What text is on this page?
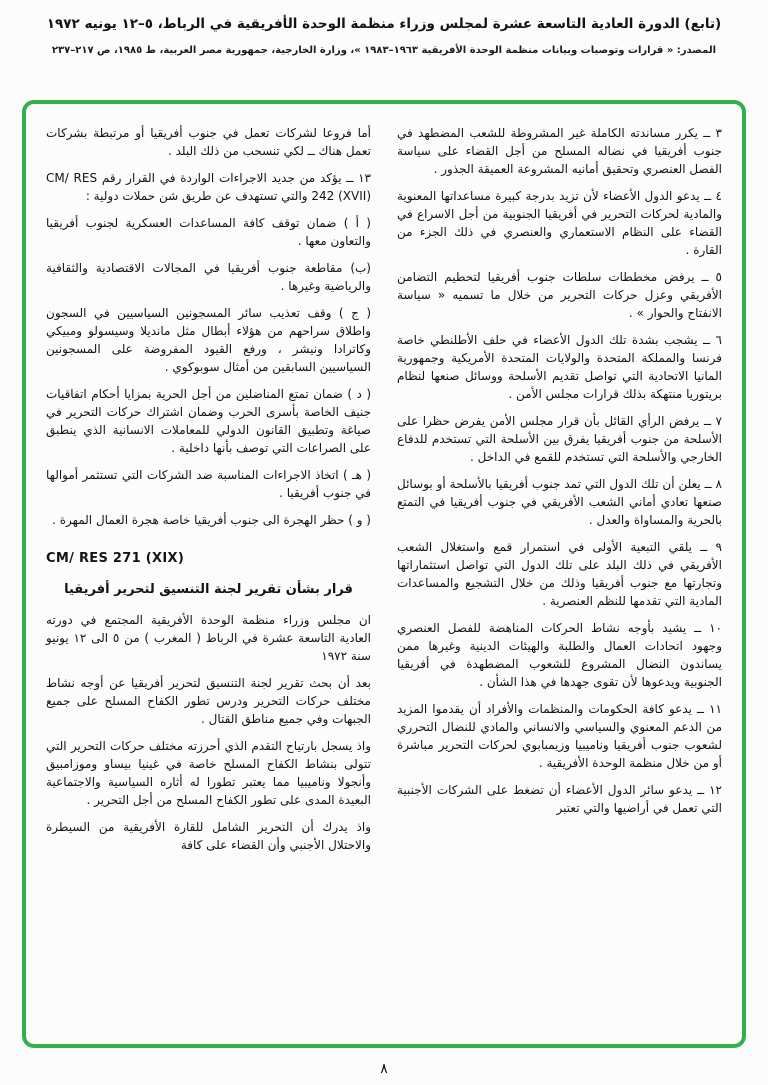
(تابع) الدورة العادية التاسعة عشرة لمجلس وزراء منظمة الوحدة الأفريقية في الرباط، ٥–١٢ يونيه ١٩٧٢
المصدر: « قرارات وتوصيات وبيانات منظمة الوحدة الأفريقية ١٩٦٣–١٩٨٣ »، وزارة الخارجية، جمهورية مصر العربية، ط ١٩٨٥، ص ٢١٧–٢٣٧

٣ ــ يكرر مساندته الكاملة غير المشروطة للشعب المضطهد في جنوب أفريقيا في نضاله المسلح من أجل القضاء على سياسة الفصل العنصري وتحقيق أمانيه المشروعة العميقة الجذور .

٤ ــ يدعو الدول الأعضاء لأن تزيد بدرجة كبيرة مساعداتها المعنوية والمادية لحركات التحرير في أفريقيا الجنوبية من أجل الاسراع في القضاء على النظام الاستعماري والعنصري في ذلك الجزء من القارة .

٥ ــ يرفض مخططات سلطات جنوب أفريقيا لتحطيم التضامن الأفريقي وعزل حركات التحرير من خلال ما تسميه « سياسة الانفتاح والحوار » .

٦ ــ يشجب بشدة تلك الدول الأعضاء في حلف الأطلنطي خاصة فرنسا والمملكة المتحدة والولايات المتحدة الأمريكية وجمهورية المانيا الاتحادية التي تواصل تقديم الأسلحة ووسائل صنعها لنظام بريتوريا منتهكة بذلك قرارات مجلس الأمن .

٧ ــ يرفض الرأي القائل بأن قرار مجلس الأمن يفرض حظرا على الأسلحة من جنوب أفريقيا يفرق بين الأسلحة التي تستخدم للدفاع الخارجي والأسلحة التي تستخدم للقمع في الداخل .

٨ ــ يعلن أن تلك الدول التي تمد جنوب أفريقيا بالأسلحة أو بوسائل صنعها تعادي أماني الشعب الأفريقي في جنوب أفريقيا في التمتع بالحرية والمساواة والعدل .

٩ ــ يلقي التبعية الأولى في استمرار قمع واستغلال الشعب الأفريقي في ذلك البلد على تلك الدول التي تواصل استثماراتها وتجارتها مع جنوب أفريقيا وذلك من خلال التشجيع والمساعدات المادية التي تقدمها للنظم العنصرية .

١٠ ــ يشيد بأوجه نشاط الحركات المناهضة للفصل العنصري وجهود اتحادات العمال والطلبة والهيئات الدينية وغيرها ممن يساندون النضال المشروع للشعوب المضطهدة في أفريقيا الجنوبية ويدعوها لأن تقوى جهدها في هذا الشأن .

١١ ــ يدعو كافة الحكومات والمنظمات والأفراد أن يقدموا المزيد من الدعم المعنوي والسياسي والانساني والمادي للنضال التحرري لشعوب جنوب أفريقيا وناميبيا وزيمبابوي لحركات التحرير مباشرة أو من خلال منظمة الوحدة الأفريقية .

١٢ ــ يدعو سائر الدول الأعضاء أن تضغط على الشركات الأجنبية التي تعمل في أراضيها والتي تعتبر

أما فروعا لشركات تعمل في جنوب أفريقيا أو مرتبطة بشركات تعمل هناك ــ لكي تنسحب من ذلك البلد .

١٣ ــ يؤكد من جديد الاجراءات الواردة في القرار رقم CM/ RES 242 (XVII) والتي تستهدف عن طريق شن حملات دولية :

( أ ) ضمان توقف كافة المساعدات العسكرية لجنوب أفريقيا والتعاون معها .

(ب) مقاطعة جنوب أفريقيا في المجالات الاقتصادية والثقافية والرياضية وغيرها .

( ج ) وقف تعذيب سائر المسجونين السياسيين في السجون واطلاق سراحهم من هؤلاء أبطال مثل مانديلا وسيسولو ومبيكي وكاترادا ونيشر ، ورفع القيود المفروضة على المسجونين السياسيين السابقين من أمثال سوبوكوي .

( د ) ضمان تمتع المناضلين من أجل الحرية بمزايا أحكام اتفاقيات جنيف الخاصة بأسرى الحرب وضمان اشتراك حركات التحرير في صياغة وتطبيق القانون الدولي للمعاملات الانسانية الذي ينطبق على الصراعات التي توصف بأنها داخلية .

( هـ ) اتخاذ الاجراءات المناسبة ضد الشركات التي تستثمر أموالها في جنوب أفريقيا .

( و ) حظر الهجرة الى جنوب أفريقيا خاصة هجرة العمال المهرة .

CM/ RES 271 (XIX)

قرار بشأن تقرير لجنة التنسيق لتحرير أفريقيا

ان مجلس وزراء منظمة الوحدة الأفريقية المجتمع في دورته العادية التاسعة عشرة في الرباط ( المغرب ) من ٥ الى ١٢ يونيو سنة ١٩٧٢

بعد أن بحث تقرير لجنة التنسيق لتحرير أفريقيا عن أوجه نشاط مختلف حركات التحرير ودرس تطور الكفاح المسلح على جميع الجبهات وفي جميع مناطق القتال .

واذ يسجل بارتياح التقدم الذي أحرزته مختلف حركات التحرير التي تتولى بنشاط الكفاح المسلح خاصة في غينيا بيساو وموزامبيق وأنجولا وناميبيا مما يعتبر تطورا له أثاره السياسية والاجتماعية البعيدة المدى على تطور الكفاح المسلح من أجل التحرير .

واذ يدرك أن التحرير الشامل للقارة الأفريقية من السيطرة والاحتلال الأجنبي وأن القضاء على كافة

٨
